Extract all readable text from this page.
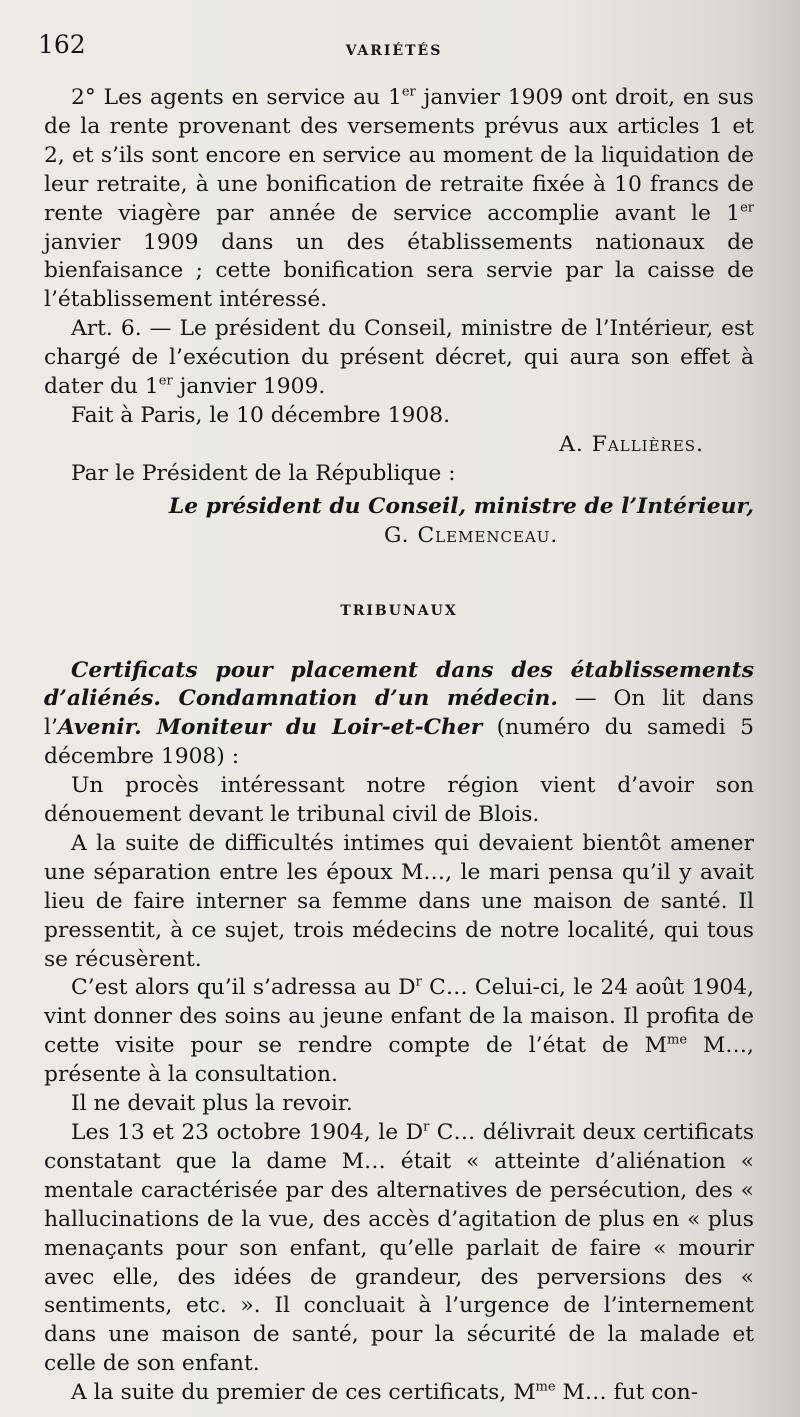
162	VARIÉTÉS

2° Les agents en service au 1er janvier 1909 ont droit, en sus de la rente provenant des versements prévus aux articles 1 et 2, et s’ils sont encore en service au moment de la liquidation de leur retraite, à une bonification de retraite fixée à 10 francs de rente viagère par année de service accomplie avant le 1er janvier 1909 dans un des établissements nationaux de bienfaisance ; cette bonification sera servie par la caisse de l’établissement intéressé.

Art. 6. — Le président du Conseil, ministre de l’Intérieur, est chargé de l’exécution du présent décret, qui aura son effet à dater du 1er janvier 1909.

Fait à Paris, le 10 décembre 1908.

A. Fallières.

Par le Président de la République :

Le président du Conseil, ministre de l’Intérieur,

G. Clemenceau.

TRIBUNAUX

Certificats pour placement dans des établissements d’aliénés. Condamnation d’un médecin. — On lit dans l’Avenir. Moniteur du Loir-et-Cher (numéro du samedi 5 décembre 1908) :

Un procès intéressant notre région vient d’avoir son dénouement devant le tribunal civil de Blois.

A la suite de difficultés intimes qui devaient bientôt amener une séparation entre les époux M…, le mari pensa qu’il y avait lieu de faire interner sa femme dans une maison de santé. Il pressentit, à ce sujet, trois médecins de notre localité, qui tous se récusèrent.

C’est alors qu’il s’adressa au $D^r$ C… Celui-ci, le 24 août 1904, vint donner des soins au jeune enfant de la maison. Il profita de cette visite pour se rendre compte de l’état de $M^{me}$ M…, présente à la consultation.

Il ne devait plus la revoir.

Les 13 et 23 octobre 1904, le $D^r$ C… délivrait deux certificats constatant que la dame M… était « atteinte d’aliénation « mentale caractérisée par des alternatives de persécution, des « hallucinations de la vue, des accès d’agitation de plus en « plus menaçants pour son enfant, qu’elle parlait de faire « mourir avec elle, des idées de grandeur, des perversions des « sentiments, etc. ». Il concluait à l’urgence de l’internement dans une maison de santé, pour la sécurité de la malade et celle de son enfant.

A la suite du premier de ces certificats, $M^{me}$ M… fut con-
